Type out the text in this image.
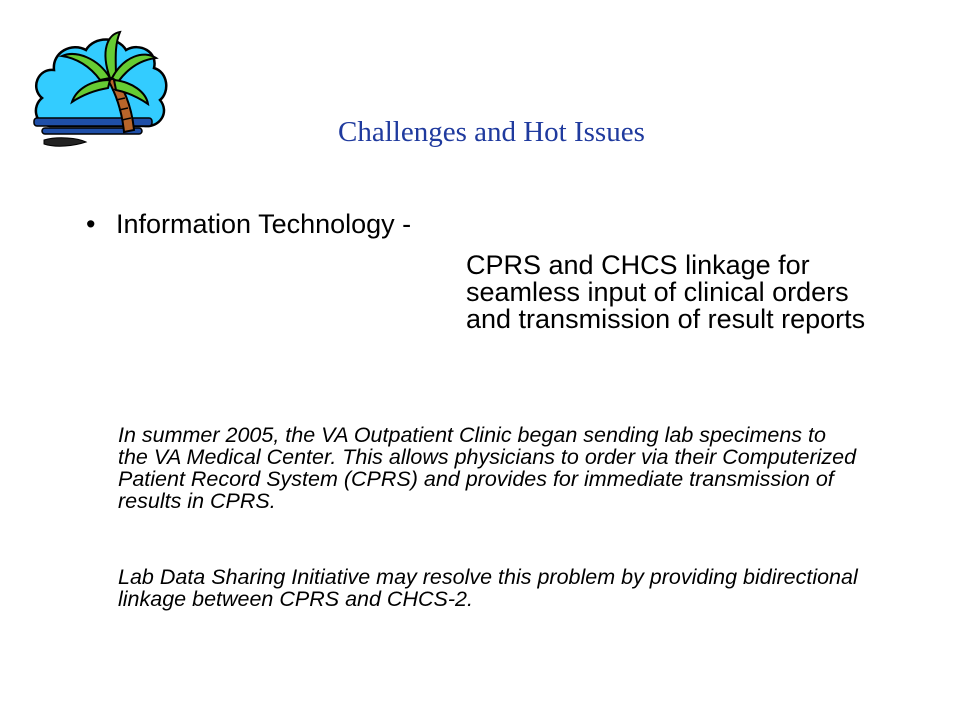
Challenges and Hot Issues
• Information Technology -
CPRS and CHCS linkage for seamless input of clinical orders and transmission of result reports
In summer 2005, the VA Outpatient Clinic began sending lab specimens to the VA Medical Center. This allows physicians to order via their Computerized Patient Record System (CPRS) and provides for immediate transmission of results in CPRS.
Lab Data Sharing Initiative may resolve this problem by providing bidirectional linkage between CPRS and CHCS-2.
